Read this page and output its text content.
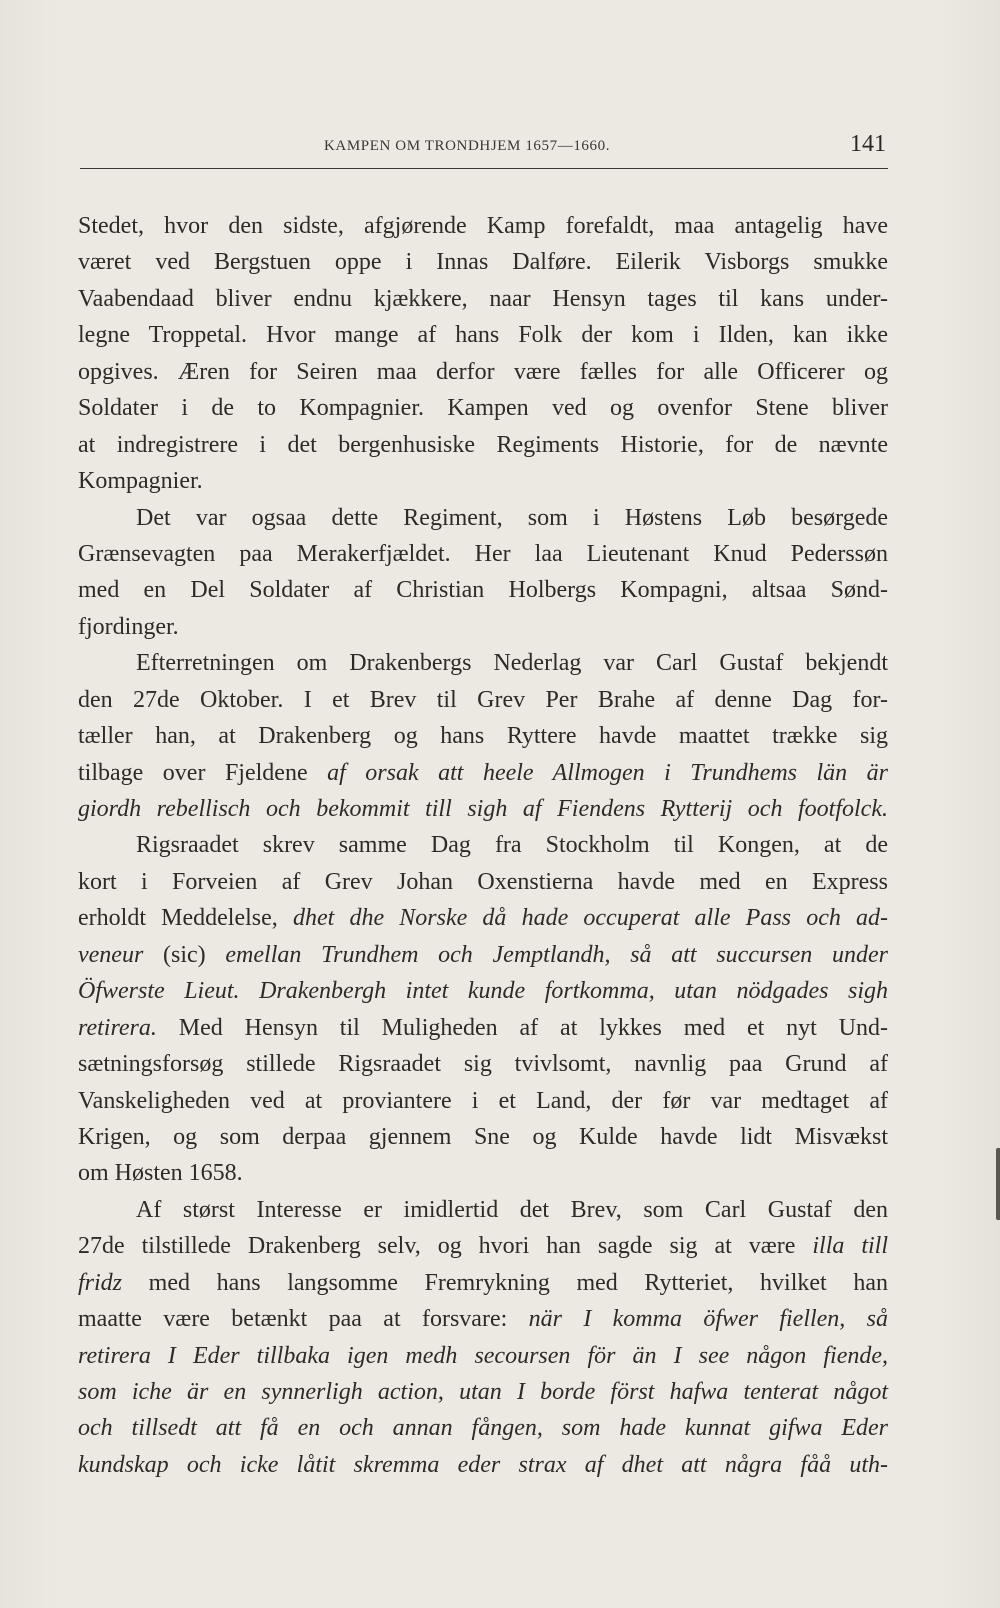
KAMPEN OM TRONDHJEM 1657—1660.	141
Stedet, hvor den sidste, afgjørende Kamp forefaldt, maa antagelig have
været ved Bergstuen oppe i Innas Dalføre. Eilerik Visborgs smukke
Vaabendaad bliver endnu kjækkere, naar Hensyn tages til kans under-
legne Troppetal. Hvor mange af hans Folk der kom i Ilden, kan ikke
opgives. Æren for Seiren maa derfor være fælles for alle Officerer og
Soldater i de to Kompagnier. Kampen ved og ovenfor Stene bliver
at indregistrere i det bergenhusiske Regiments Historie, for de nævnte
Kompagnier.
Det var ogsaa dette Regiment, som i Høstens Løb besørgede
Grænsevagten paa Merakerfjældet. Her laa Lieutenant Knud Pederssøn
med en Del Soldater af Christian Holbergs Kompagni, altsaa Sønd-
fjordinger.
Efterretningen om Drakenbergs Nederlag var Carl Gustaf bekjendt
den 27de Oktober. I et Brev til Grev Per Brahe af denne Dag for-
tæller han, at Drakenberg og hans Ryttere havde maattet trække sig
tilbage over Fjeldene af orsak att heele Allmogen i Trundhems län är
giordh rebellisch och bekommit till sigh af Fiendens Rytterij och footfolck.
Rigsraadet skrev samme Dag fra Stockholm til Kongen, at de
kort i Forveien af Grev Johan Oxenstierna havde med en Express
erholdt Meddelelse, dhet dhe Norske då hade occuperat alle Pass och ad-
veneur (sic) emellan Trundhem och Jemptlandh, så att succursen under
Öfwerste Lieut. Drakenbergh intet kunde fortkomma, utan nödgades sigh
retirera. Med Hensyn til Muligheden af at lykkes med et nyt Und-
sætningsforsøg stillede Rigsraadet sig tvivlsomt, navnlig paa Grund af
Vanskeligheden ved at proviantere i et Land, der før var medtaget af
Krigen, og som derpaa gjennem Sne og Kulde havde lidt Misvækst
om Høsten 1658.
Af størst Interesse er imidlertid det Brev, som Carl Gustaf den
27de tilstillede Drakenberg selv, og hvori han sagde sig at være illa till
fridz med hans langsomme Fremrykning med Rytteriet, hvilket han
maatte være betænkt paa at forsvare: när I komma öfwer fiellen, så
retirera I Eder tillbaka igen medh secoursen för än I see någon fiende,
som iche är en synnerligh action, utan I borde först hafwa tenterat något
och tillsedt att få en och annan fången, som hade kunnat gifwa Eder
kundskap och icke låtit skremma eder strax af dhet att några fåå uth-
